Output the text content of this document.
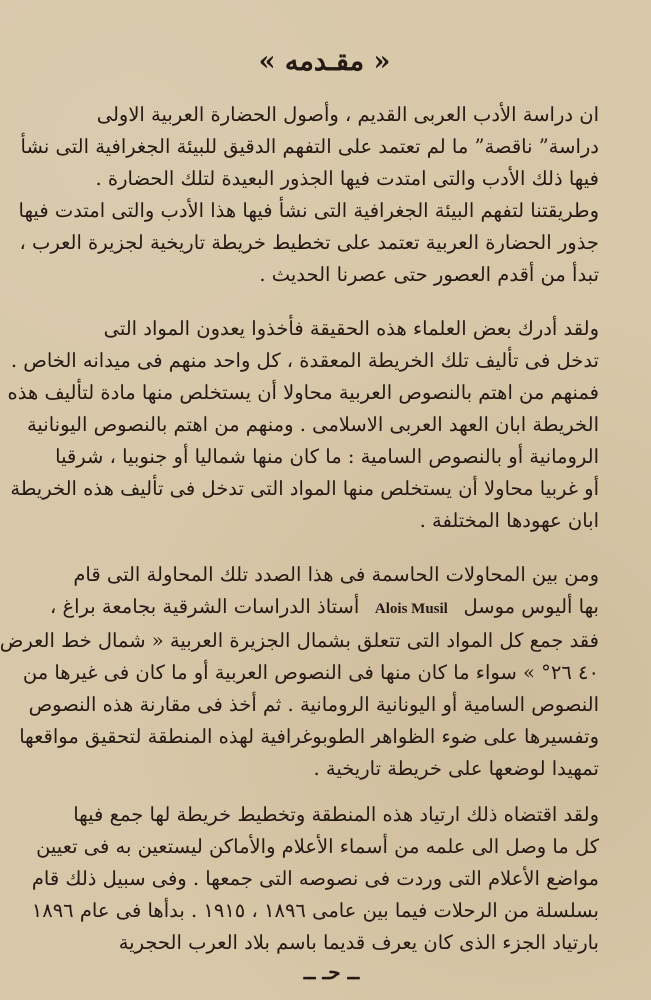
« مقـدمه »
ان دراسة الأدب العربى القديم ، وأصول الحضارة العربية الاولى
دراسة” ناقصة” ما لم تعتمد على التفهم الدقيق للبيئة الجغرافية التى نشأ
فيها ذلك الأدب والتى امتدت فيها الجذور البعيدة لتلك الحضارة .
وطريقتنا لتفهم البيئة الجغرافية التى نشأ فيها هذا الأدب والتى امتدت فيها
جذور الحضارة العربية تعتمد على تخطيط خريطة تاريخية لجزيرة العرب ،
تبدأ من أقدم العصور حتى عصرنا الحديث .
ولقد أدرك بعض العلماء هذه الحقيقة فأخذوا يعدون المواد التى
تدخل فى تأليف تلك الخريطة المعقدة ، كل واحد منهم فى ميدانه الخاص .
فمنهم من اهتم بالنصوص العربية محاولا أن يستخلص منها مادة لتأليف هذه
الخريطة ابان العهد العربى الاسلامى . ومنهم من اهتم بالنصوص اليونانية
الرومانية أو بالنصوص السامية : ما كان منها شماليا أو جنوبيا ، شرقيا
أو غربيا محاولا أن يستخلص منها المواد التى تدخل فى تأليف هذه الخريطة
ابان عهودها المختلفة .
ومن بين المحاولات الحاسمة فى هذا الصدد تلك المحاولة التى قام
بها أليوس موسل
Alois Musil
أستاذ الدراسات الشرقية بجامعة براغ ،
فقد جمع كل المواد التى تتعلق بشمال الجزيرة العربية « شمال خط العرض
٤٠ ٢٦° » سواء ما كان منها فى النصوص العربية أو ما كان فى غيرها من
النصوص السامية أو اليونانية الرومانية . ثم أخذ فى مقارنة هذه النصوص
وتفسيرها على ضوء الظواهر الطوبوغرافية لهذه المنطقة لتحقيق مواقعها
تمهيدا لوضعها على خريطة تاريخية .
ولقد اقتضاه ذلك ارتياد هذه المنطقة وتخطيط خريطة لها جمع فيها
كل ما وصل الى علمه من أسماء الأعلام والأماكن ليستعين به فى تعيين
مواضع الأعلام التى وردت فى نصوصه التى جمعها . وفى سبيل ذلك قام
بسلسلة من الرحلات فيما بين عامى ١٨٩٦ ، ١٩١٥ . بدأها فى عام ١٨٩٦
بارتياد الجزء الذى كان يعرف قديما باسم بلاد العرب الحجرية
ــ حـ ــ
